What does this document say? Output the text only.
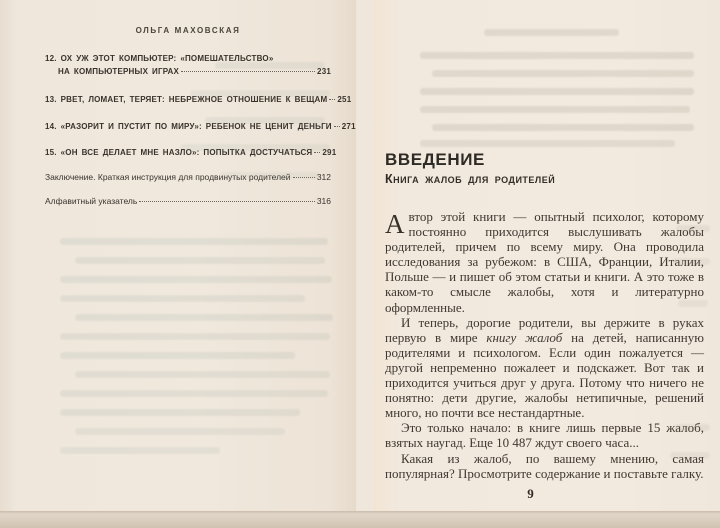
ОЛЬГА МАХОВСКАЯ
12. ОХ УЖ ЭТОТ КОМПЬЮТЕР: «ПОМЕШАТЕЛЬСТВО»
НА КОМПЬЮТЕРНЫХ ИГРАХ	231
13. РВЕТ, ЛОМАЕТ, ТЕРЯЕТ: НЕБРЕЖНОЕ ОТНОШЕНИЕ К ВЕЩАМ 251
14. «РАЗОРИТ И ПУСТИТ ПО МИРУ»: РЕБЕНОК НЕ ЦЕНИТ ДЕНЬГИ 271
15. «ОН ВСЕ ДЕЛАЕТ МНЕ НАЗЛО»: ПОПЫТКА ДОСТУЧАТЬСЯ 291
Заключение. Краткая инструкция для продвинутых родителей	312
Алфавитный указатель	316
ВВЕДЕНИЕ
Книга жалоб для родителей

Автор этой книги — опытный психолог, которому постоянно приходится выслушивать жалобы родителей, причем по всему миру. Она проводила исследования за рубежом: в США, Франции, Италии, Польше — и пишет об этом статьи и книги. А это тоже в каком-то смысле жалобы, хотя и литературно оформленные.

И теперь, дорогие родители, вы держите в руках первую в мире книгу жалоб на детей, написанную родителями и психологом. Если один пожалуется — другой непременно пожалеет и подскажет. Вот так и приходится учиться друг у друга. Потому что ничего не понятно: дети другие, жалобы нетипичные, решений много, но почти все нестандартные.

Это только начало: в книге лишь первые 15 жалоб, взятых наугад. Еще 10 487 ждут своего часа...

Какая из жалоб, по вашему мнению, самая популярная? Просмотрите содержание и поставьте галку.

9
